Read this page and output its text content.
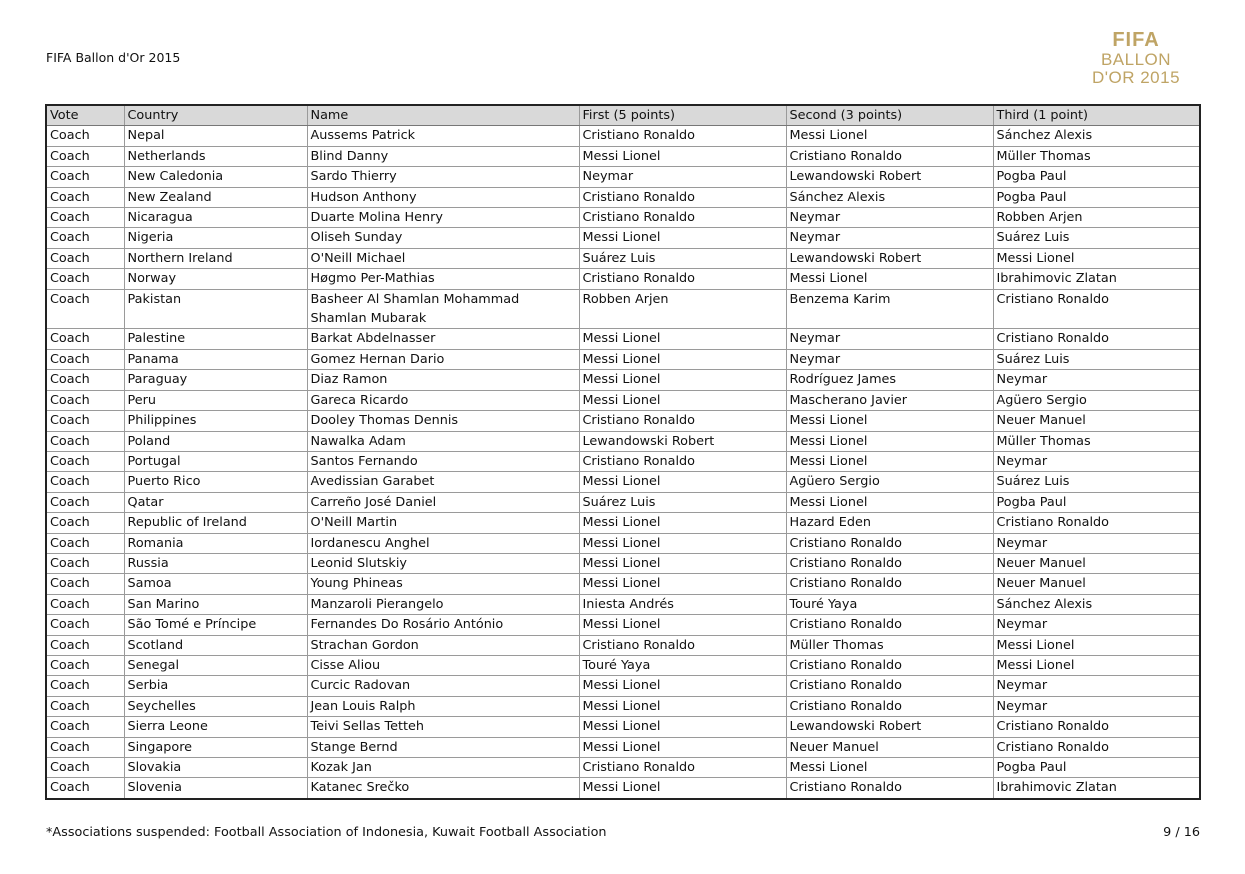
FIFA Ballon d'Or 2015
FIFA
BALLON
D'OR 2015
Vote	Country	Name	First (5 points)	Second (3 points)	Third (1 point)
Coach	Nepal	Aussems Patrick	Cristiano Ronaldo	Messi Lionel	Sánchez Alexis
Coach	Netherlands	Blind Danny	Messi Lionel	Cristiano Ronaldo	Müller Thomas
Coach	New Caledonia	Sardo Thierry	Neymar	Lewandowski Robert	Pogba Paul
Coach	New Zealand	Hudson Anthony	Cristiano Ronaldo	Sánchez Alexis	Pogba Paul
Coach	Nicaragua	Duarte Molina Henry	Cristiano Ronaldo	Neymar	Robben Arjen
Coach	Nigeria	Oliseh Sunday	Messi Lionel	Neymar	Suárez Luis
Coach	Northern Ireland	O'Neill Michael	Suárez Luis	Lewandowski Robert	Messi Lionel
Coach	Norway	Høgmo Per-Mathias	Cristiano Ronaldo	Messi Lionel	Ibrahimovic Zlatan
Coach	Pakistan	Basheer Al Shamlan Mohammad Shamlan Mubarak	Robben Arjen	Benzema Karim	Cristiano Ronaldo
Coach	Palestine	Barkat Abdelnasser	Messi Lionel	Neymar	Cristiano Ronaldo
Coach	Panama	Gomez Hernan Dario	Messi Lionel	Neymar	Suárez Luis
Coach	Paraguay	Diaz Ramon	Messi Lionel	Rodríguez James	Neymar
Coach	Peru	Gareca Ricardo	Messi Lionel	Mascherano Javier	Agüero Sergio
Coach	Philippines	Dooley Thomas Dennis	Cristiano Ronaldo	Messi Lionel	Neuer Manuel
Coach	Poland	Nawalka Adam	Lewandowski Robert	Messi Lionel	Müller Thomas
Coach	Portugal	Santos Fernando	Cristiano Ronaldo	Messi Lionel	Neymar
Coach	Puerto Rico	Avedissian Garabet	Messi Lionel	Agüero Sergio	Suárez Luis
Coach	Qatar	Carreño José Daniel	Suárez Luis	Messi Lionel	Pogba Paul
Coach	Republic of Ireland	O'Neill Martin	Messi Lionel	Hazard Eden	Cristiano Ronaldo
Coach	Romania	Iordanescu Anghel	Messi Lionel	Cristiano Ronaldo	Neymar
Coach	Russia	Leonid Slutskiy	Messi Lionel	Cristiano Ronaldo	Neuer Manuel
Coach	Samoa	Young Phineas	Messi Lionel	Cristiano Ronaldo	Neuer Manuel
Coach	San Marino	Manzaroli Pierangelo	Iniesta Andrés	Touré Yaya	Sánchez Alexis
Coach	São Tomé e Príncipe	Fernandes Do Rosário António	Messi Lionel	Cristiano Ronaldo	Neymar
Coach	Scotland	Strachan Gordon	Cristiano Ronaldo	Müller Thomas	Messi Lionel
Coach	Senegal	Cisse Aliou	Touré Yaya	Cristiano Ronaldo	Messi Lionel
Coach	Serbia	Curcic Radovan	Messi Lionel	Cristiano Ronaldo	Neymar
Coach	Seychelles	Jean Louis Ralph	Messi Lionel	Cristiano Ronaldo	Neymar
Coach	Sierra Leone	Teivi Sellas Tetteh	Messi Lionel	Lewandowski Robert	Cristiano Ronaldo
Coach	Singapore	Stange Bernd	Messi Lionel	Neuer Manuel	Cristiano Ronaldo
Coach	Slovakia	Kozak Jan	Cristiano Ronaldo	Messi Lionel	Pogba Paul
Coach	Slovenia	Katanec Srečko	Messi Lionel	Cristiano Ronaldo	Ibrahimovic Zlatan
*Associations suspended: Football Association of Indonesia, Kuwait Football Association	9 / 16
